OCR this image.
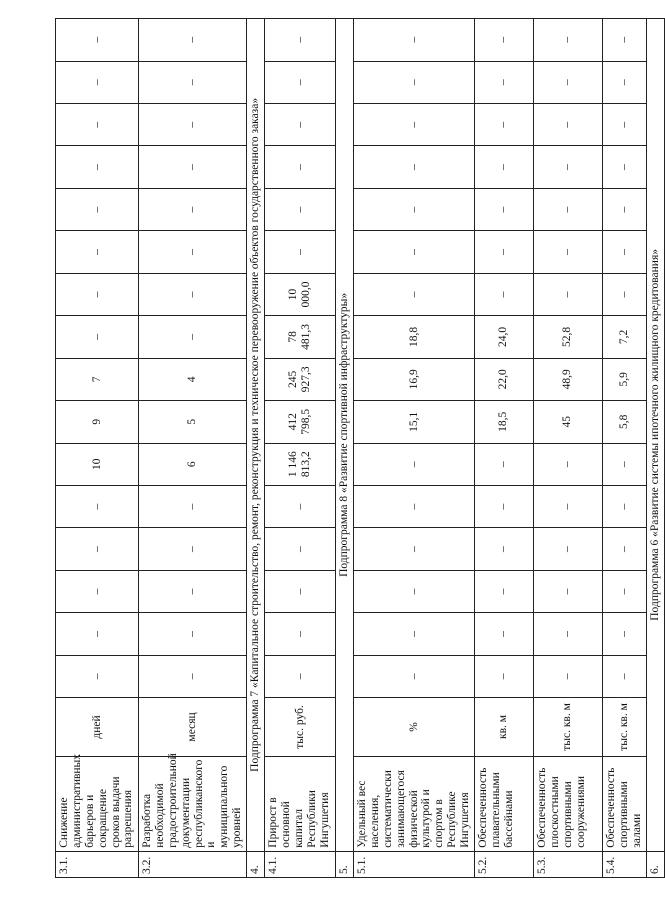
3.1.	Снижение административных барьеров и сокращение сроков выдачи разрешения	дней	–	–	–	–	–	10	9	7	–	–	–	–	–	–	–	–
3.2.	Разработка необходимой градостроительной документации республиканского и муниципального уровней	месяц	–	–	–	–	–	6	5	4	–	–	–	–	–	–	–	–
4.	Подпрограмма 7 «Капитальное строительство, ремонт, реконструкция и техническое перевооружение объектов государственного заказа»																	
4.1.	Прирост в основной капитал Республики Ингушетия	тыс. руб.	–	–	–	–	–	1 146 813,2	412 798,5	245 927,3	78 481,3	10 000,0	–	–	–	–	–	–
5.	Подпрограмма 8 «Развитие спортивной инфраструктуры»																	
5.1.	Удельный вес населения, систематически занимающегося физической культурой и спортом в Республике Ингушетия	%	–	–	–	–	–	–	15,1	16,9	18,8	–	–	–	–	–	–	–
5.2.	Обеспеченность плавательными бассейнами	кв. м	–	–	–	–	–	–	18,5	22,0	24,0	–	–	–	–	–	–	–
5.3.	Обеспеченность плоскостными спортивными сооружениями	тыс. кв. м	–	–	–	–	–	–	45	48,9	52,8	–	–	–	–	–	–	–
5.4.	Обеспеченность спортивными залами	тыс. кв. м	–	–	–	–	–	–	5,8	5,9	7,2	–	–	–	–	–	–	–
6.	Подпрограмма 6 «Развитие системы ипотечного жилищного кредитования»																	
